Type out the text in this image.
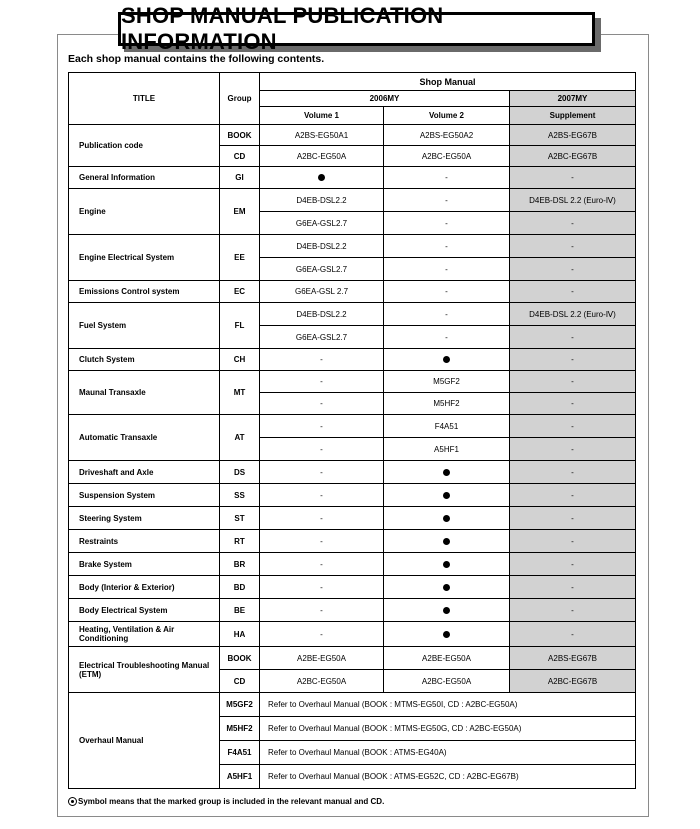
SHOP MANUAL PUBLICATION INFORMATION
Each shop manual contains the following contents.
TITLE	Group	Shop Manual		
		2006MY		2007MY
		Volume 1	Volume 2	Supplement
Publication code	BOOK	A2BS-EG50A1	A2BS-EG50A2	A2BS-EG67B
	CD	A2BC-EG50A	A2BC-EG50A	A2BC-EG67B
General Information	GI		-	-
Engine	EM	D4EB-DSL2.2	-	D4EB-DSL 2.2 (Euro-Ⅳ)
		G6EA-GSL2.7	-	-
Engine Electrical System	EE	D4EB-DSL2.2	-	-
		G6EA-GSL2.7	-	-
Emissions Control system	EC	G6EA-GSL 2.7	-	-
Fuel System	FL	D4EB-DSL2.2	-	D4EB-DSL 2.2 (Euro-Ⅳ)
		G6EA-GSL2.7	-	-
Clutch System	CH	-		-
Maunal Transaxle	MT	-	M5GF2	-
		-	M5HF2	-
Automatic Transaxle	AT	-	F4A51	-
		-	A5HF1	-
Driveshaft and Axle	DS	-		-
Suspension System	SS	-		-
Steering System	ST	-		-
Restraints	RT	-		-
Brake System	BR	-		-
Body (Interior & Exterior)	BD	-		-
Body Electrical System	BE	-		-
Heating, Ventilation & Air Conditioning	HA	-		-
Electrical Troubleshooting Manual (ETM)	BOOK	A2BE-EG50A	A2BE-EG50A	A2BS-EG67B
	CD	A2BC-EG50A	A2BC-EG50A	A2BC-EG67B
Overhaul Manual	M5GF2	Refer to Overhaul Manual (BOOK : MTMS-EG50I, CD : A2BC-EG50A)		
	M5HF2	Refer to Overhaul Manual (BOOK : MTMS-EG50G, CD : A2BC-EG50A)		
	F4A51	Refer to Overhaul Manual (BOOK : ATMS-EG40A)		
	A5HF1	Refer to Overhaul Manual (BOOK : ATMS-EG52C, CD : A2BC-EG67B)		
Symbol means that the marked group is included in the relevant manual and CD.
